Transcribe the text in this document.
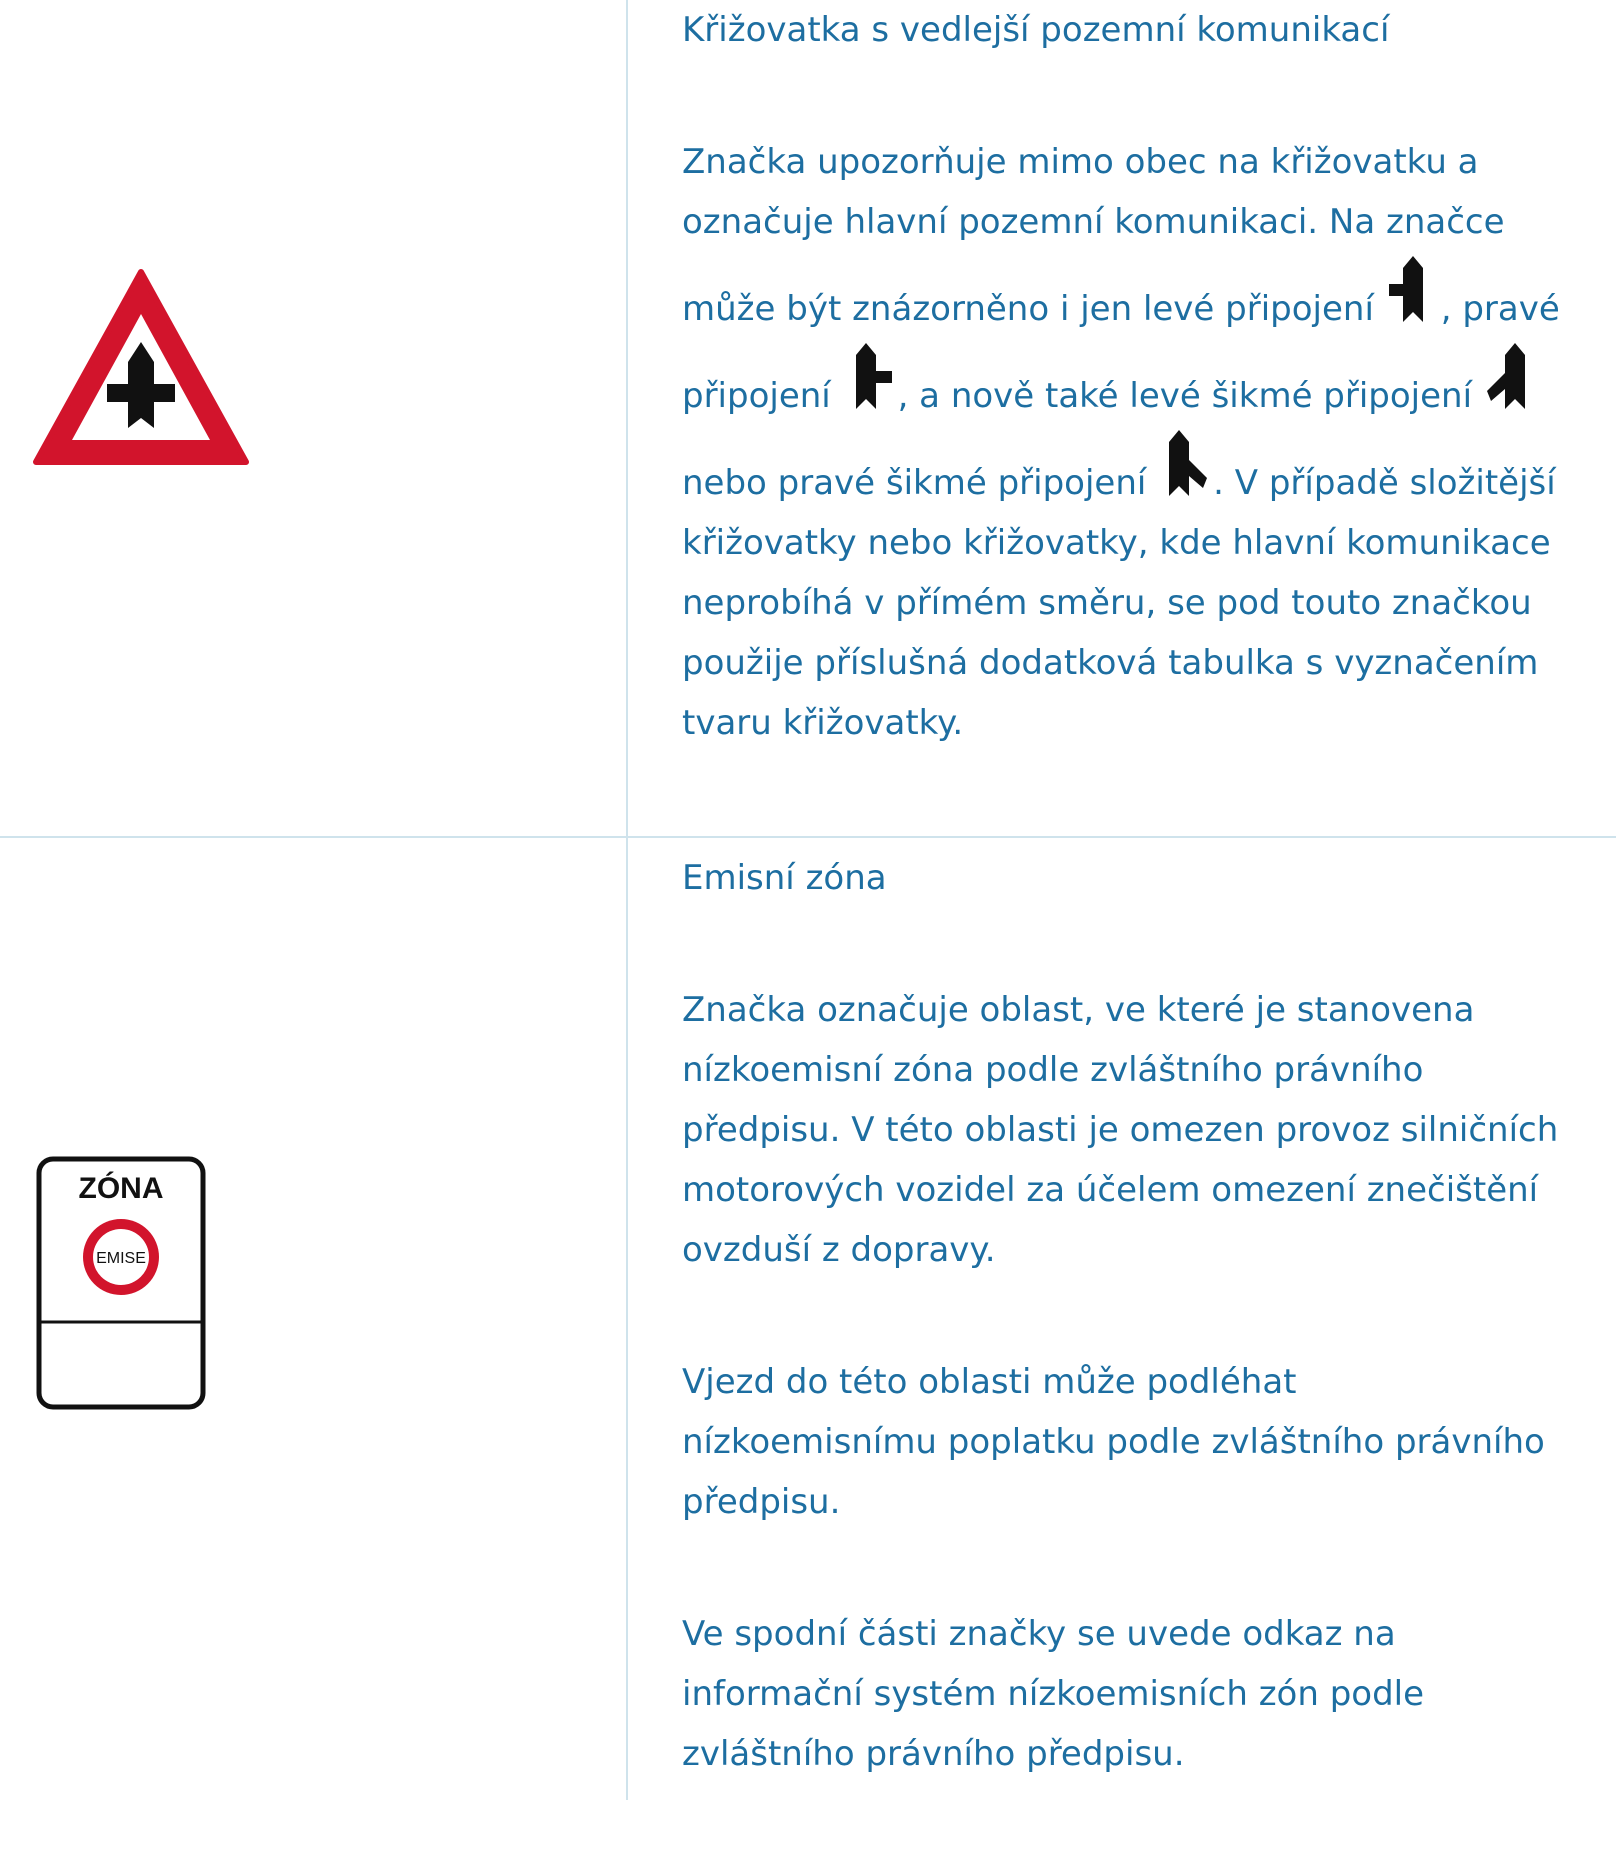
Křižovatka s vedlejší pozemní komunikací

Značka upozorňuje mimo obec na křižovatku a označuje hlavní pozemní komunikaci. Na značce může být znázorněno i jen levé připojení , pravé připojení , a nově také levé šikmé připojení  nebo pravé šikmé připojení . V případě složitější křižovatky nebo křižovatky, kde hlavní komunikace neprobíhá v přímém směru, se pod touto značkou použije příslušná dodatková tabulka s vyznačením tvaru křižovatky.

ZÓNA
EMISE

Emisní zóna

Značka označuje oblast, ve které je stanovena nízkoemisní zóna podle zvláštního právního předpisu. V této oblasti je omezen provoz silničních motorových vozidel za účelem omezení znečištění ovzduší z dopravy.

Vjezd do této oblasti může podléhat nízkoemisnímu poplatku podle zvláštního právního předpisu.

Ve spodní části značky se uvede odkaz na informační systém nízkoemisních zón podle zvláštního právního předpisu.
